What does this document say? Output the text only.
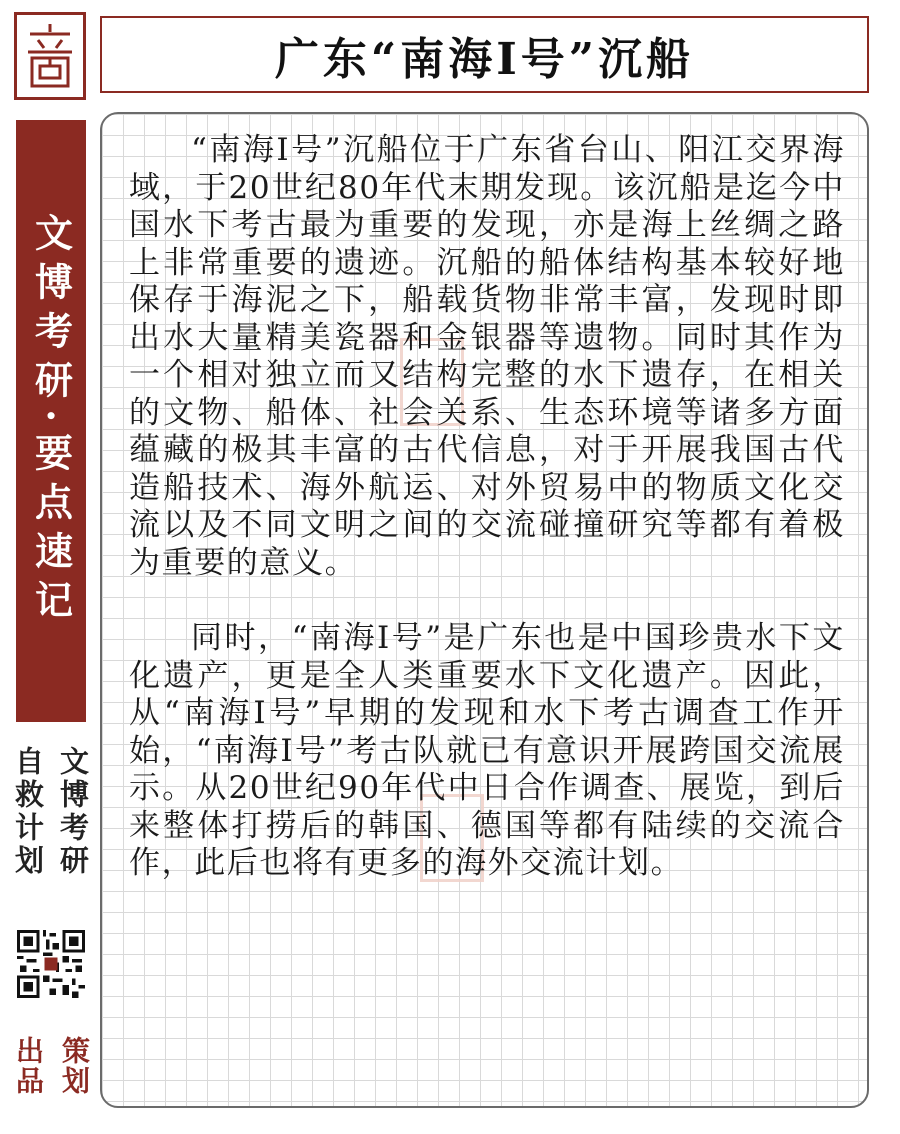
广东“南海Ⅰ号”沉船
文博考研·要点速记
文博考研
自救计划
策划
出品

“南海Ⅰ号”沉船位于广东省台山、阳江交界海域，于20世纪80年代末期发现。该沉船是迄今中国水下考古最为重要的发现，亦是海上丝绸之路上非常重要的遗迹。沉船的船体结构基本较好地保存于海泥之下，船载货物非常丰富，发现时即出水大量精美瓷器和金银器等遗物。同时其作为一个相对独立而又结构完整的水下遗存，在相关的文物、船体、社会关系、生态环境等诸多方面蕴藏的极其丰富的古代信息，对于开展我国古代造船技术、海外航运、对外贸易中的物质文化交流以及不同文明之间的交流碰撞研究等都有着极为重要的意义。

同时，“南海Ⅰ号”是广东也是中国珍贵水下文化遗产，更是全人类重要水下文化遗产。因此，从“南海Ⅰ号”早期的发现和水下考古调查工作开始，“南海Ⅰ号”考古队就已有意识开展跨国交流展示。从20世纪90年代中日合作调查、展览，到后来整体打捞后的韩国、德国等都有陆续的交流合作，此后也将有更多的海外交流计划。
